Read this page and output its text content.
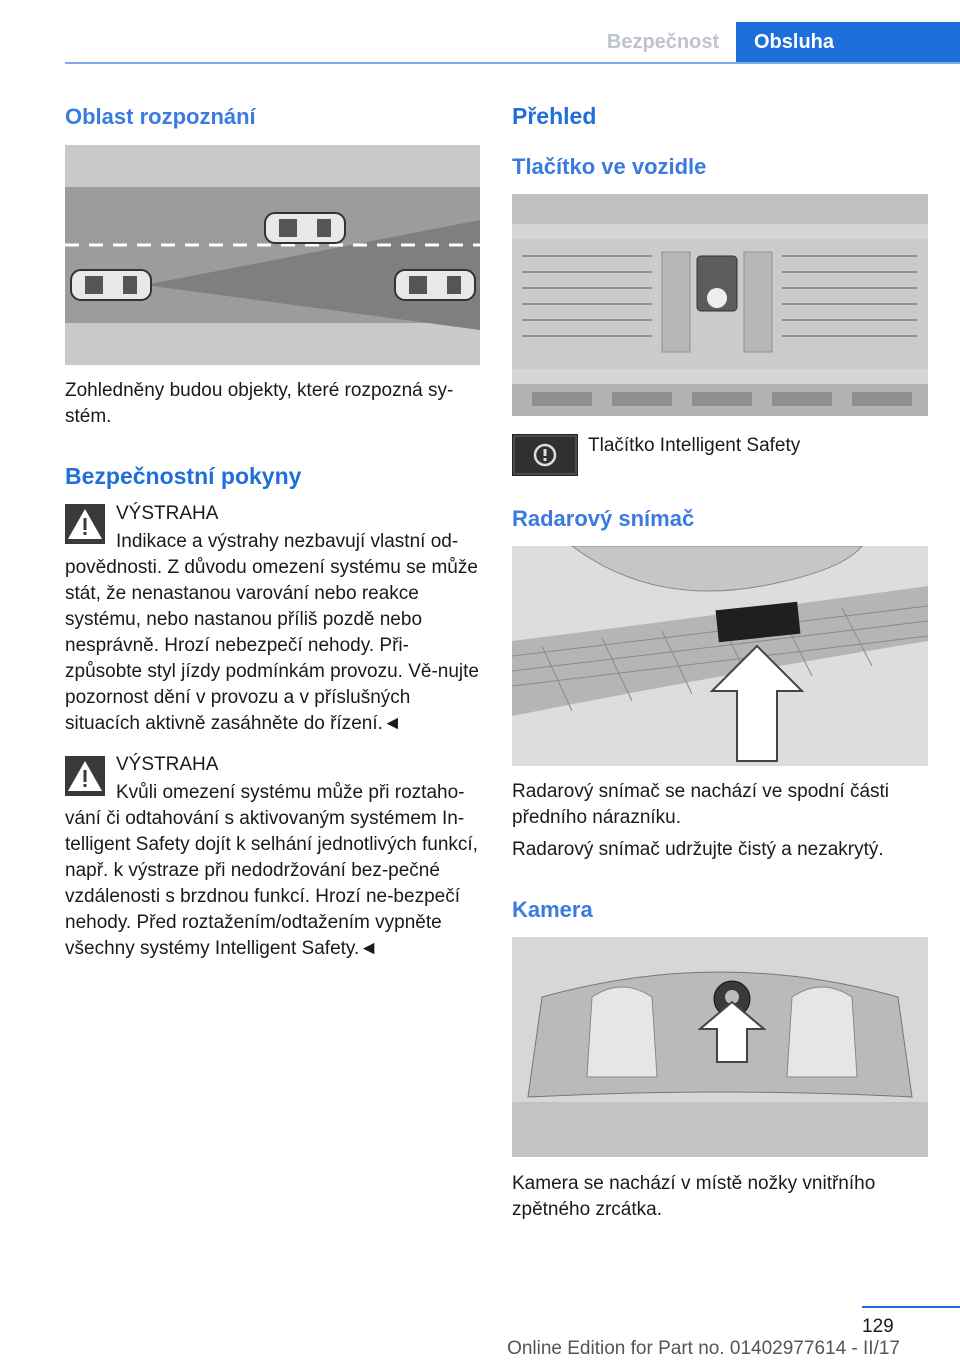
Bezpečnost	Obsluha
Oblast rozpoznání

Zohledněny budou objekty, které rozpozná sy‐stém.

Bezpečnostní pokyny

VÝSTRAHA

Indikace a výstrahy nezbavují vlastní od‐povědnosti. Z důvodu omezení systému se může stát, že nenastanou varování nebo reakce systému, nebo nastanou příliš pozdě nebo nesprávně. Hrozí nebezpečí nehody. Při‐způsobte styl jízdy podmínkám provozu. Vě‐nujte pozornost dění v provozu a v příslušných situacích aktivně zasáhněte do řízení.◄

VÝSTRAHA

Kvůli omezení systému může při roztaho‐vání či odtahování s aktivovaným systémem In‐telligent Safety dojít k selhání jednotlivých funkcí, např. k výstraze při nedodržování bez‐pečné vzdálenosti s brzdnou funkcí. Hrozí ne‐bezpečí nehody. Před roztažením/odtažením vypněte všechny systémy Intelligent Safety.◄

Přehled
Tlačítko ve vozidle

Tlačítko Intelligent Safety

Radarový snímač

Radarový snímač se nachází ve spodní části předního nárazníku.

Radarový snímač udržujte čistý a nezakrytý.

Kamera

Kamera se nachází v místě nožky vnitřního zpětného zrcátka.

129
Online Edition for Part no. 01402977614 - II/17
